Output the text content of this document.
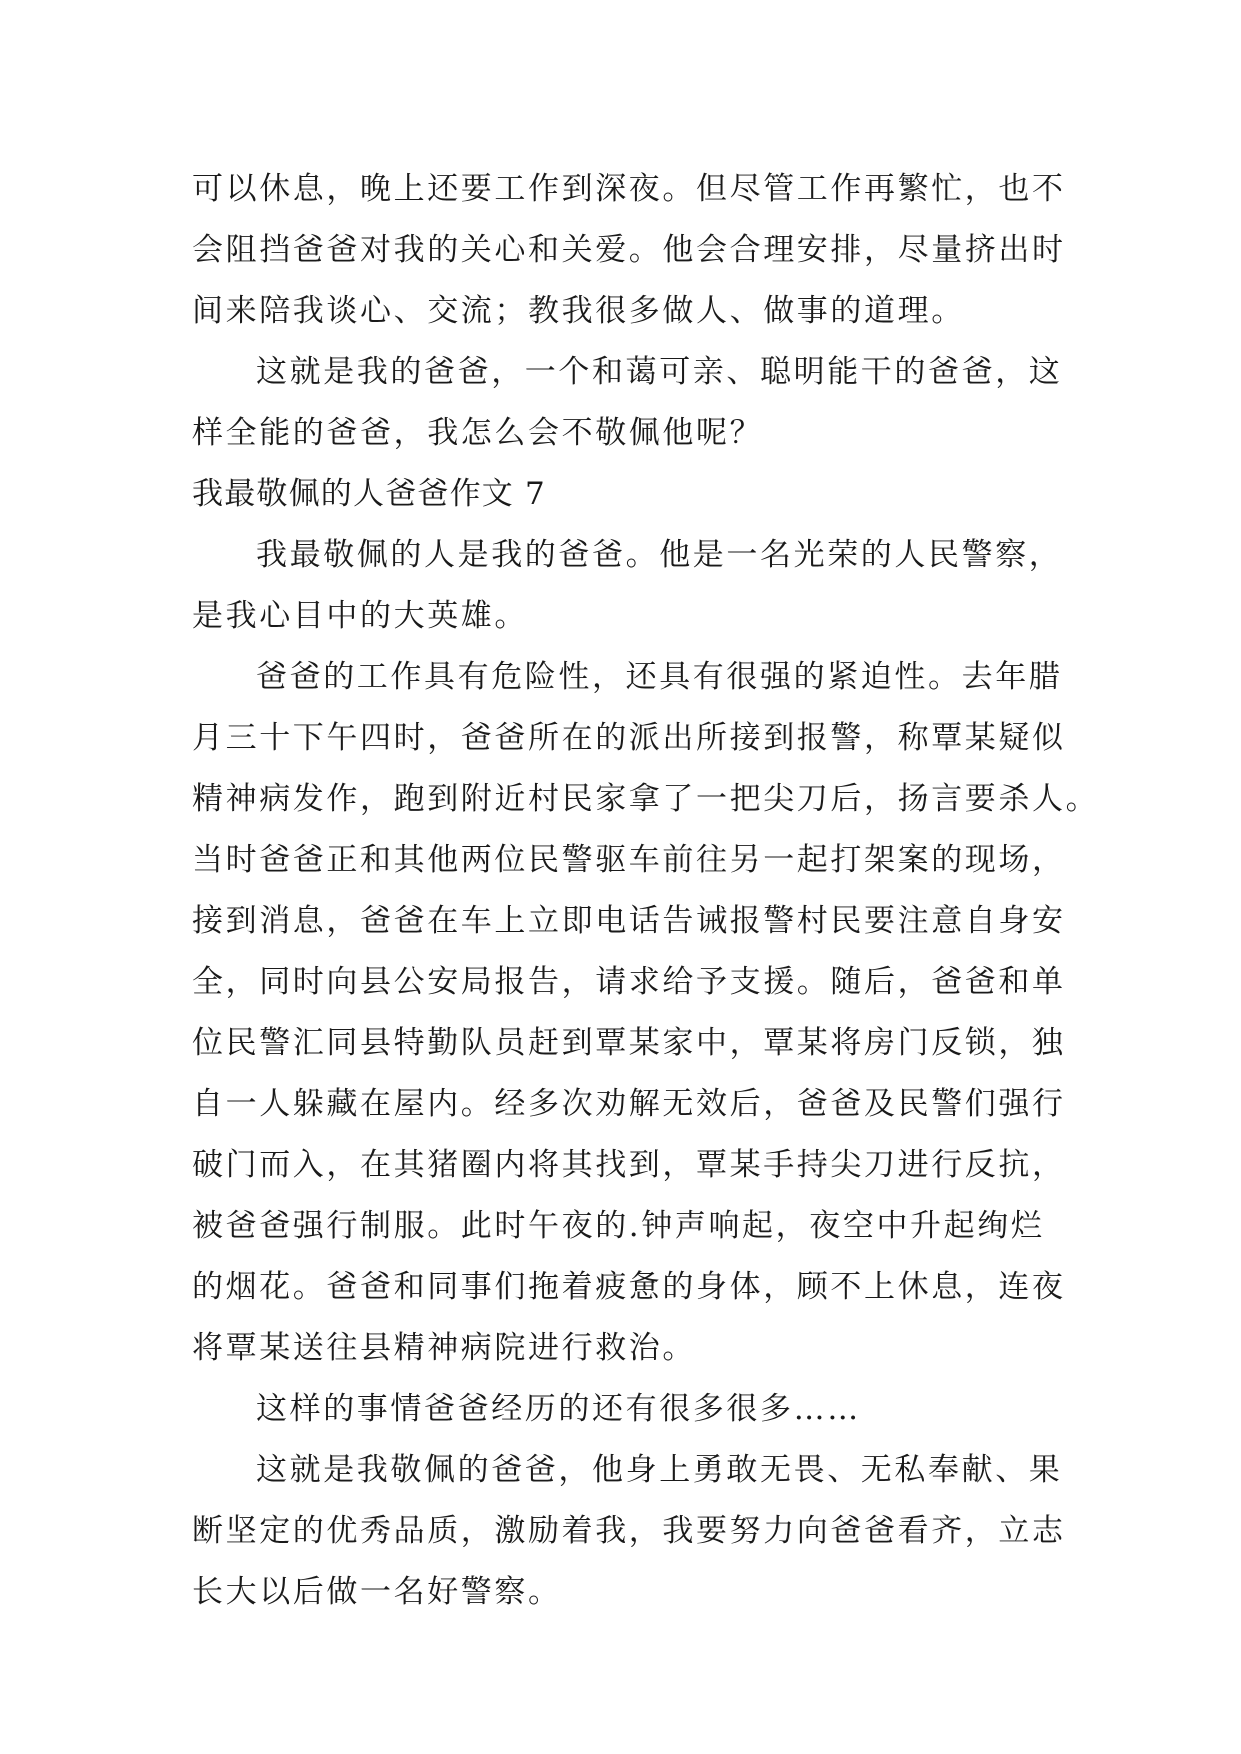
可以休息，晚上还要工作到深夜。但尽管工作再繁忙，也不
会阻挡爸爸对我的关心和关爱。他会合理安排，尽量挤出时
间来陪我谈心、交流；教我很多做人、做事的道理。
这就是我的爸爸，一个和蔼可亲、聪明能干的爸爸，这
样全能的爸爸，我怎么会不敬佩他呢？
我最敬佩的人爸爸作文 7
我最敬佩的人是我的爸爸。他是一名光荣的人民警察，
是我心目中的大英雄。
爸爸的工作具有危险性，还具有很强的紧迫性。去年腊
月三十下午四时，爸爸所在的派出所接到报警，称覃某疑似
精神病发作，跑到附近村民家拿了一把尖刀后，扬言要杀人。
当时爸爸正和其他两位民警驱车前往另一起打架案的现场，
接到消息，爸爸在车上立即电话告诫报警村民要注意自身安
全，同时向县公安局报告，请求给予支援。随后，爸爸和单
位民警汇同县特勤队员赶到覃某家中，覃某将房门反锁，独
自一人躲藏在屋内。经多次劝解无效后，爸爸及民警们强行
破门而入，在其猪圈内将其找到，覃某手持尖刀进行反抗，
被爸爸强行制服。此时午夜的.钟声响起，夜空中升起绚烂
的烟花。爸爸和同事们拖着疲惫的身体，顾不上休息，连夜
将覃某送往县精神病院进行救治。
这样的事情爸爸经历的还有很多很多……
这就是我敬佩的爸爸，他身上勇敢无畏、无私奉献、果
断坚定的优秀品质，激励着我，我要努力向爸爸看齐，立志
长大以后做一名好警察。
